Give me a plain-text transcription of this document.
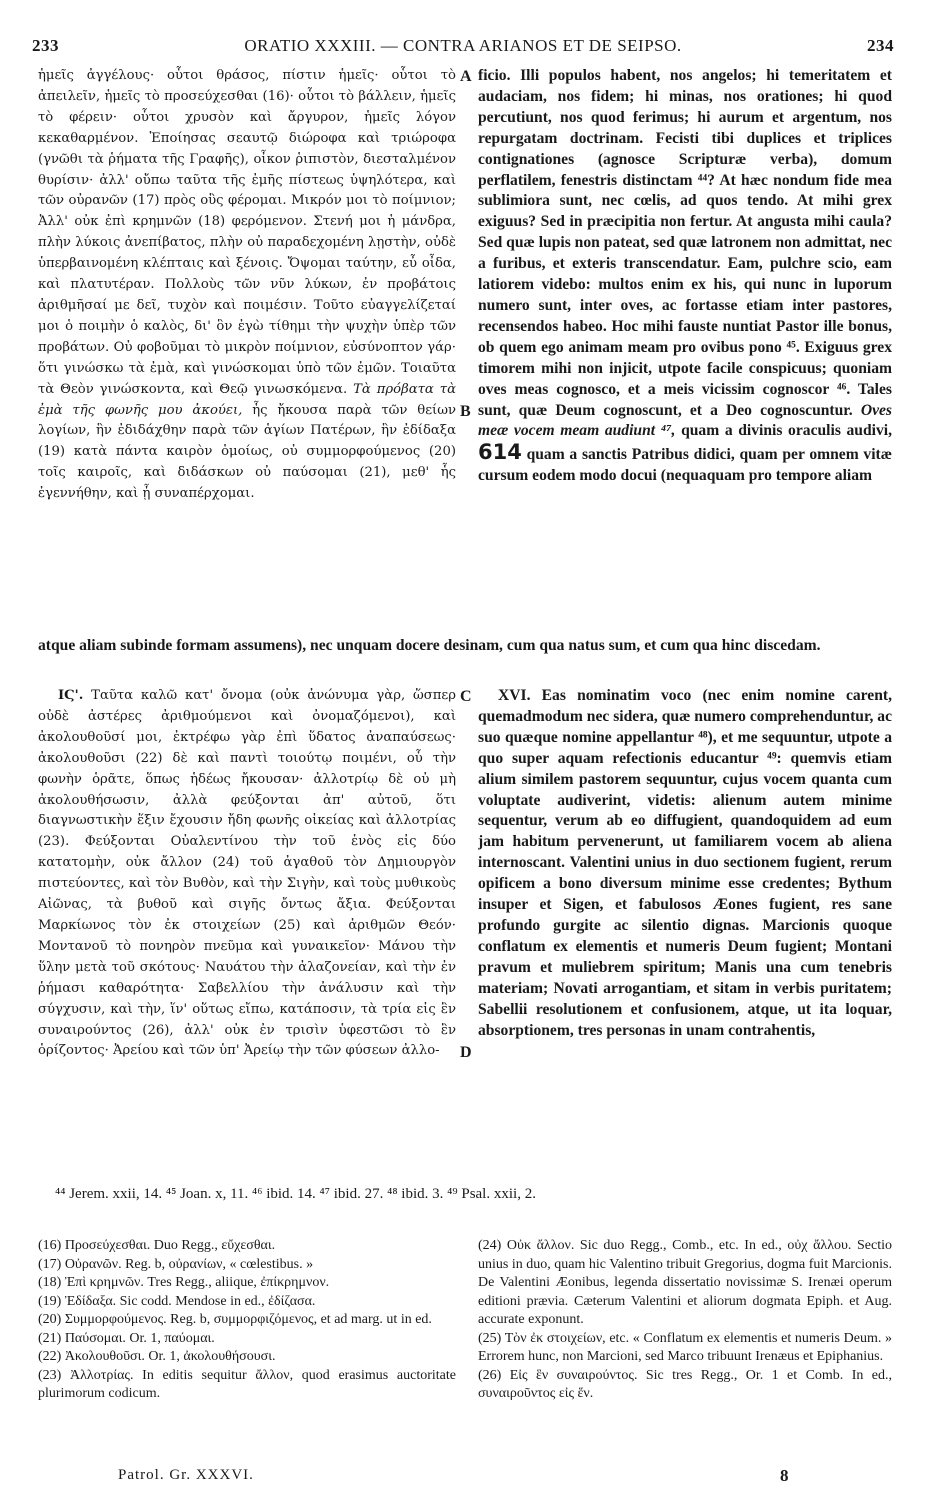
233	ORATIO XXXIII. — CONTRA ARIANOS ET DE SEIPSO.	234
ἡμεῖς ἀγγέλους· οὗτοι θράσος, πίστιν ἡμεῖς· οὗτοι τὸ ἀπειλεῖν, ἡμεῖς τὸ προσεύχεσθαι (16)· οὗτοι τὸ βάλλειν, ἡμεῖς τὸ φέρειν· οὗτοι χρυσὸν καὶ ἄργυρον, ἡμεῖς λόγον κεκαθαρμένον. Ἐποίησας σεαυτῷ διώροφα καὶ τριώροφα (γνῶθι τὰ ῥήματα τῆς Γραφῆς), οἶκον ῥιπιστὸν, διεσταλμένον θυρίσιν· ἀλλ' οὔπω ταῦτα τῆς ἐμῆς πίστεως ὑψηλότερα, καὶ τῶν οὐρανῶν (17) πρὸς οὓς φέρομαι. Μικρόν μοι τὸ ποίμνιον; Ἀλλ' οὐκ ἐπὶ κρημνῶν (18) φερόμενον. Στενή μοι ἡ μάνδρα, πλὴν λύκοις ἀνεπίβατος, πλὴν οὐ παραδεχομένη λῃστὴν, οὐδὲ ὑπερβαινομένη κλέπταις καὶ ξένοις. Ὄψομαι ταύτην, εὖ οἶδα, καὶ πλατυτέραν. Πολλοὺς τῶν νῦν λύκων, ἐν προβάτοις ἀριθμῆσαί με δεῖ, τυχὸν καὶ ποιμέσιν. Τοῦτο εὐαγγελίζεταί μοι ὁ ποιμὴν ὁ καλὸς, δι' ὃν ἐγὼ τίθημι τὴν ψυχὴν ὑπὲρ τῶν προβάτων. Οὐ φοβοῦμαι τὸ μικρὸν ποίμνιον, εὐσύνοπτον γάρ· ὅτι γινώσκω τὰ ἐμὰ, καὶ γινώσκομαι ὑπὸ τῶν ἐμῶν. Τοιαῦτα τὰ Θεὸν γινώσκοντα, καὶ Θεῷ γινωσκόμενα. Τὰ πρόβατα τὰ ἐμὰ τῆς φωνῆς μου ἀκούει, ἧς ἤκουσα παρὰ τῶν θείων λογίων, ἣν ἐδιδάχθην παρὰ τῶν ἁγίων Πατέρων, ἣν ἐδίδαξα (19) κατὰ πάντα καιρὸν ὁμοίως, οὐ συμμορφούμενος (20) τοῖς καιροῖς, καὶ διδάσκων οὐ παύσομαι (21), μεθ' ἧς ἐγεννήθην, καὶ ᾗ συναπέρχομαι.
A
B
ficio. Illi populos habent, nos angelos; hi temeritatem et audaciam, nos fidem; hi minas, nos orationes; hi quod percutiunt, nos quod ferimus; hi aurum et argentum, nos repurgatam doctrinam. Fecisti tibi duplices et triplices contignationes (agnosce Scripturæ verba), domum perflatilem, fenestris distinctam ⁴⁴? At hæc nondum fide mea sublimiora sunt, nec cœlis, ad quos tendo. At mihi grex exiguus? Sed in præcipitia non fertur. At angusta mihi caula? Sed quæ lupis non pateat, sed quæ latronem non admittat, nec a furibus, et exteris transcendatur. Eam, pulchre scio, eam latiorem videbo: multos enim ex his, qui nunc in luporum numero sunt, inter oves, ac fortasse etiam inter pastores, recensendos habeo. Hoc mihi fauste nuntiat Pastor ille bonus, ob quem ego animam meam pro ovibus pono ⁴⁵. Exiguus grex timorem mihi non injicit, utpote facile conspicuus; quoniam oves meas cognosco, et a meis vicissim cognoscor ⁴⁶. Tales sunt, quæ Deum cognoscunt, et a Deo cognoscuntur. Oves meæ vocem meam audiunt ⁴⁷, quam a divinis oraculis audivi, 614 quam a sanctis Patribus didici, quam per omnem vitæ cursum eodem modo docui (nequaquam pro tempore aliam
atque aliam subinde formam assumens), nec unquam docere desinam, cum qua natus sum, et cum qua hinc discedam.

ΙϚ'. Ταῦτα καλῶ κατ' ὄνομα (οὐκ ἀνώνυμα γὰρ, ὥσπερ οὐδὲ ἀστέρες ἀριθμούμενοι καὶ ὀνομαζόμενοι), καὶ ἀκολουθοῦσί μοι, ἐκτρέφω γὰρ ἐπὶ ὕδατος ἀναπαύσεως· ἀκολουθοῦσι (22) δὲ καὶ παντὶ τοιούτῳ ποιμένι, οὗ τὴν φωνὴν ὁρᾶτε, ὅπως ἡδέως ἤκουσαν· ἀλλοτρίῳ δὲ οὐ μὴ ἀκολουθήσωσιν, ἀλλὰ φεύξονται ἀπ' αὐτοῦ, ὅτι διαγνωστικὴν ἕξιν ἔχουσιν ἤδη φωνῆς οἰκείας καὶ ἀλλοτρίας (23). Φεύξονται Οὐαλεντίνου τὴν τοῦ ἑνὸς εἰς δύο κατατομὴν, οὐκ ἄλλον (24) τοῦ ἀγαθοῦ τὸν Δημιουργὸν πιστεύοντες, καὶ τὸν Βυθὸν, καὶ τὴν Σιγὴν, καὶ τοὺς μυθικοὺς Αἰῶνας, τὰ βυθοῦ καὶ σιγῆς ὄντως ἄξια. Φεύξονται Μαρκίωνος τὸν ἐκ στοιχείων (25) καὶ ἀριθμῶν Θεόν· Μοντανοῦ τὸ πονηρὸν πνεῦμα καὶ γυναικεῖον· Μάνου τὴν ὕλην μετὰ τοῦ σκότους· Ναυάτου τὴν ἀλαζονείαν, καὶ τὴν ἐν ῥήμασι καθαρότητα· Σαβελλίου τὴν ἀνάλυσιν καὶ τὴν σύγχυσιν, καὶ τὴν, ἵν' οὕτως εἴπω, κατάποσιν, τὰ τρία εἰς ἓν συναιρούντος (26), ἀλλ' οὐκ ἐν τρισὶν ὑφεστῶσι τὸ ἓν ὁρίζοντος· Ἀρείου καὶ τῶν ὑπ' Ἀρείῳ τὴν τῶν φύσεων ἀλλο-

C
D

XVI. Eas nominatim voco (nec enim nomine carent, quemadmodum nec sidera, quæ numero comprehenduntur, ac suo quæque nomine appellantur ⁴⁸), et me sequuntur, utpote a quo super aquam refectionis educantur ⁴⁹: quemvis etiam alium similem pastorem sequuntur, cujus vocem quanta cum voluptate audiverint, videtis: alienum autem minime sequentur, verum ab eo diffugient, quandoquidem ad eum jam habitum pervenerunt, ut familiarem vocem ab aliena internoscant. Valentini unius in duo sectionem fugient, rerum opificem a bono diversum minime esse credentes; Bythum insuper et Sigen, et fabulosos Æones fugient, res sane profundo gurgite ac silentio dignas. Marcionis quoque conflatum ex elementis et numeris Deum fugient; Montani pravum et muliebrem spiritum; Manis una cum tenebris materiam; Novati arrogantiam, et sitam in verbis puritatem; Sabellii resolutionem et confusionem, atque, ut ita loquar, absorptionem, tres personas in unam contrahentis,

⁴⁴ Jerem. xxii, 14. ⁴⁵ Joan. x, 11. ⁴⁶ ibid. 14. ⁴⁷ ibid. 27. ⁴⁸ ibid. 3. ⁴⁹ Psal. xxii, 2.

(16) Προσεύχεσθαι. Duo Regg., εὔχεσθαι.

(17) Οὐρανῶν. Reg. b, οὐρανίων, « cœlestibus. »

(18) Ἐπὶ κρημνῶν. Tres Regg., aliique, ἐπίκρημνον.

(19) Ἐδίδαξα. Sic codd. Mendose in ed., ἐδίζασα.

(20) Συμμορφούμενος. Reg. b, συμμορφιζόμενος, et ad marg. ut in ed.

(21) Παύσομαι. Or. 1, παύομαι.

(22) Ἀκολουθοῦσι. Or. 1, ἀκολουθήσουσι.

(23) Ἀλλοτρίας. In editis sequitur ἄλλον, quod erasimus auctoritate plurimorum codicum.

(24) Οὐκ ἄλλον. Sic duo Regg., Comb., etc. In ed., οὐχ ἄλλου. Sectio unius in duo, quam hic Valentino tribuit Gregorius, dogma fuit Marcionis. De Valentini Æonibus, legenda dissertatio novissimæ S. Irenæi operum editioni prævia. Cæterum Valentini et aliorum dogmata Epiph. et Aug. accurate exponunt.

(25) Τὸν ἐκ στοιχείων, etc. « Conflatum ex elementis et numeris Deum. » Errorem hunc, non Marcioni, sed Marco tribuunt Irenæus et Epiphanius.

(26) Εἰς ἓν συναιρούντος. Sic tres Regg., Or. 1 et Comb. In ed., συναιροῦντος εἰς ἕν.

Patrol. Gr. XXXVI.	8
